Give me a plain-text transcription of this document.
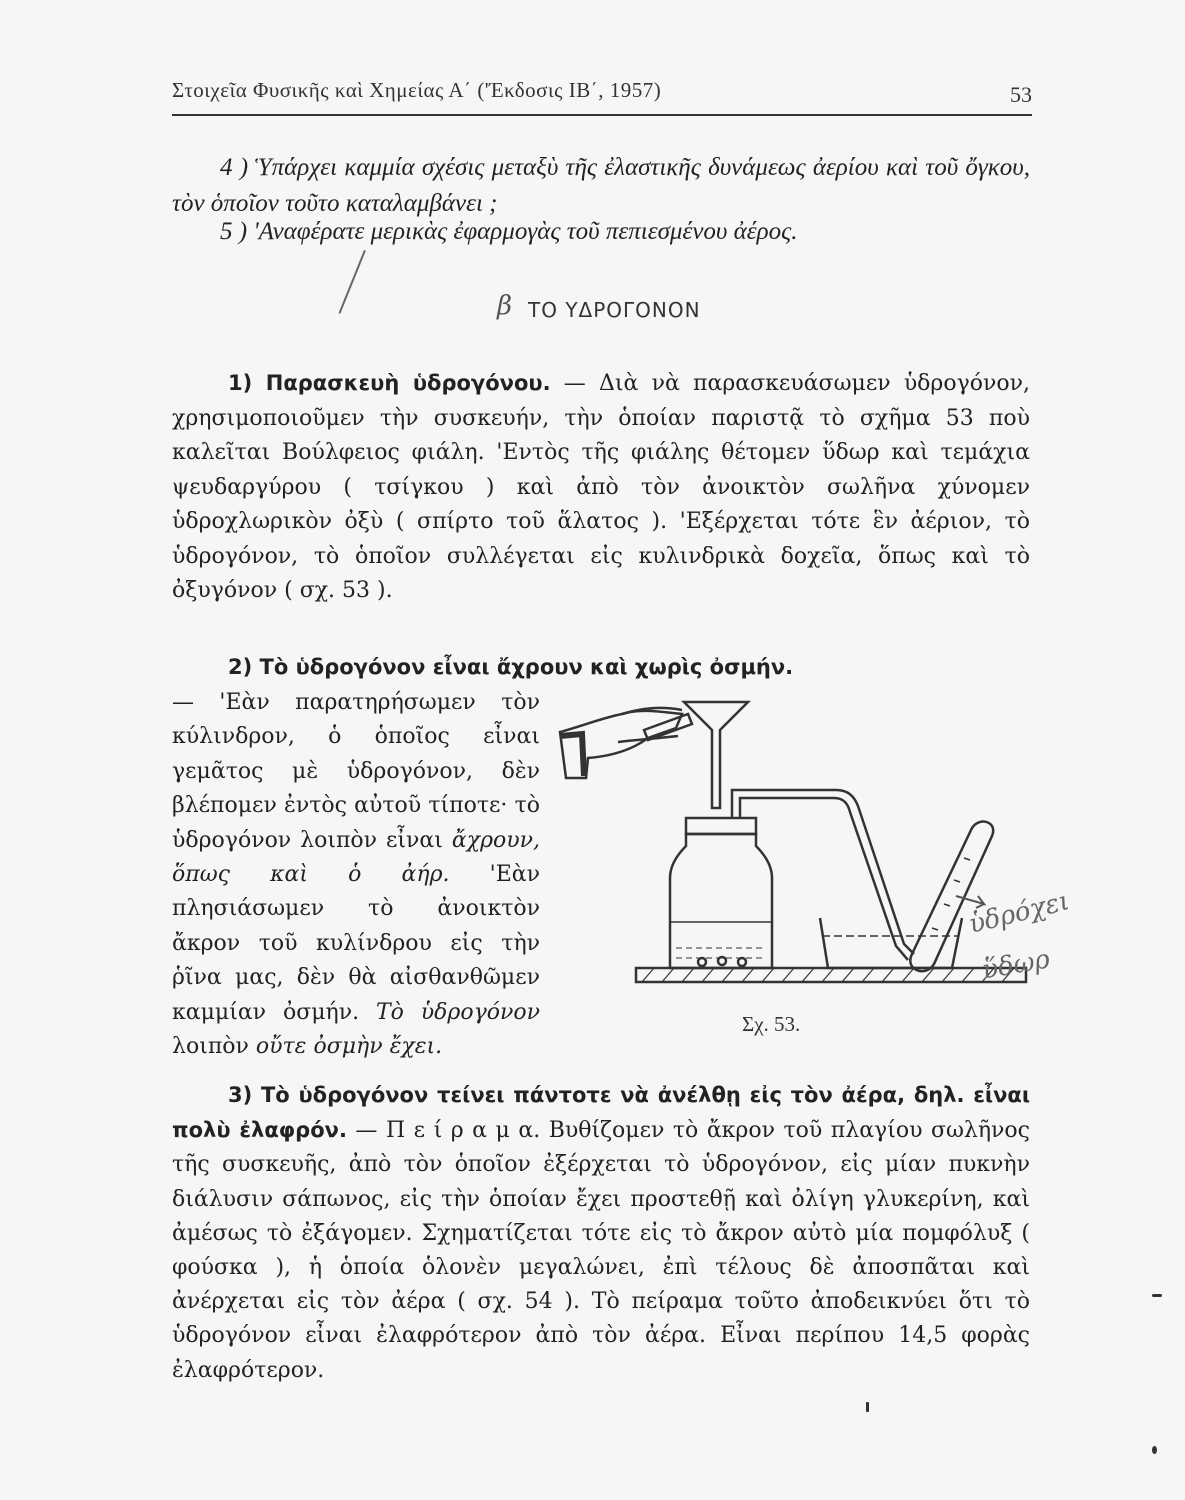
Στοιχεῖα Φυσικῆς καὶ Χημείας Α΄ ('Έκδοσις ΙΒ΄, 1957)	53
4 ) Ὑπάρχει καμμία σχέσις μεταξὺ τῆς ἐλαστικῆς δυνάμεως ἀερίου καὶ τοῦ ὄγκου, τὸν ὁποῖον τοῦτο καταλαμβάνει ;
5 ) 'Αναφέρατε μερικὰς ἐφαρμογὰς τοῦ πεπιεσμένου ἀέρος.
β ΤΟ ΥΔΡΟΓΟΝΟΝ
1) Παρασκευὴ ὑδρογόνου. — Διὰ νὰ παρασκευάσωμεν ὑδρογόνον, χρησιμοποιοῦμεν τὴν συσκευήν, τὴν ὁποίαν παριστᾷ τὸ σχῆμα 53 ποὺ καλεῖται Βούλφειος φιάλη. 'Εντὸς τῆς φιάλης θέτομεν ὕδωρ καὶ τεμάχια ψευδαργύρου ( τσίγκου ) καὶ ἀπὸ τὸν ἀνοικτὸν σωλῆνα χύνομεν ὑδροχλωρικὸν ὀξὺ ( σπίρτο τοῦ ἅλατος ). 'Εξέρχεται τότε ἓν ἀέριον, τὸ ὑδρογόνον, τὸ ὁποῖον συλλέγεται εἰς κυλινδρικὰ δοχεῖα, ὅπως καὶ τὸ ὀξυγόνον ( σχ. 53 ).
2) Τὸ ὑδρογόνον εἶναι ἄχρουν καὶ χωρὶς ὀσμήν.
— 'Εὰν παρατηρήσωμεν τὸν κύλινδρον, ὁ ὁποῖος εἶναι γεμᾶτος μὲ ὑδρογόνον, δὲν βλέπομεν ἐντὸς αὐτοῦ τίποτε· τὸ ὑδρογόνον λοιπὸν εἶναι ἄχρουν, ὅπως καὶ ὁ ἀήρ. 'Εὰν πλησιάσωμεν τὸ ἀνοικτὸν ἄκρον τοῦ κυλίνδρου εἰς τὴν ῥῖνα μας, δὲν θὰ αἰσθανθῶμεν καμμίαν ὀσμήν. Τὸ ὑδρογόνον λοιπὸν οὔτε ὀσμὴν ἔχει.
ὑδρόχει
ὕδωρ
Σχ. 53.
3) Τὸ ὑδρογόνον τείνει πάντοτε νὰ ἀνέλθῃ εἰς τὸν ἀέρα, δηλ. εἶναι πολὺ ἐλαφρόν. — Π ε ί ρ α μ α. Βυθίζομεν τὸ ἄκρον τοῦ πλαγίου σωλῆνος τῆς συσκευῆς, ἀπὸ τὸν ὁποῖον ἐξέρχεται τὸ ὑδρογόνον, εἰς μίαν πυκνὴν διάλυσιν σάπωνος, εἰς τὴν ὁποίαν ἔχει προστεθῇ καὶ ὀλίγη γλυκερίνη, καὶ ἀμέσως τὸ ἐξάγομεν. Σχηματίζεται τότε εἰς τὸ ἄκρον αὐτὸ μία πομφόλυξ ( φούσκα ), ἡ ὁποία ὁλονὲν μεγαλώνει, ἐπὶ τέλους δὲ ἀποσπᾶται καὶ ἀνέρχεται εἰς τὸν ἀέρα ( σχ. 54 ). Τὸ πείραμα τοῦτο ἀποδεικνύει ὅτι τὸ ὑδρογόνον εἶναι ἐλαφρότερον ἀπὸ τὸν ἀέρα. Εἶναι περίπου 14,5 φορὰς ἐλαφρότερον.
